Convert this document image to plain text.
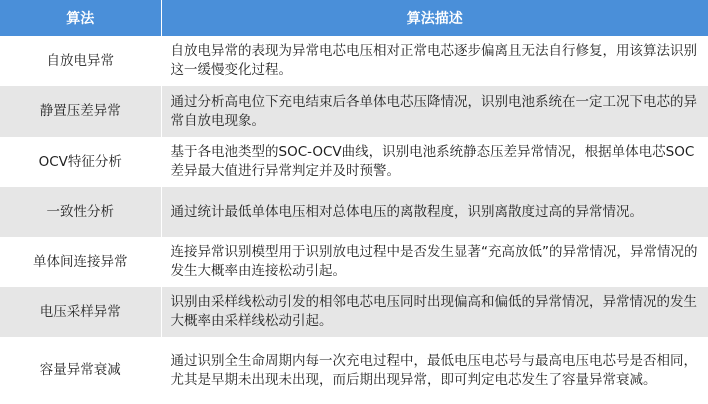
算法	算法描述
自放电异常	自放电异常的表现为异常电芯电压相对正常电芯逐步偏离且无法自行修复，用该算法识别这一缓慢变化过程。
静置压差异常	通过分析高电位下充电结束后各单体电芯压降情况，识别电池系统在一定工况下电芯的异常自放电现象。
OCV特征分析	基于各电池类型的SOC-OCV曲线，识别电池系统静态压差异常情况，根据单体电芯SOC差异最大值进行异常判定并及时预警。
一致性分析	通过统计最低单体电压相对总体电压的离散程度，识别离散度过高的异常情况。
单体间连接异常	连接异常识别模型用于识别放电过程中是否发生显著“充高放低”的异常情况，异常情况的发生大概率由连接松动引起。
电压采样异常	识别由采样线松动引发的相邻电芯电压同时出现偏高和偏低的异常情况，异常情况的发生大概率由采样线松动引起。
容量异常衰减	通过识别全生命周期内每一次充电过程中，最低电压电芯号与最高电压电芯号是否相同，尤其是早期未出现未出现，而后期出现异常，即可判定电芯发生了容量异常衰减。
